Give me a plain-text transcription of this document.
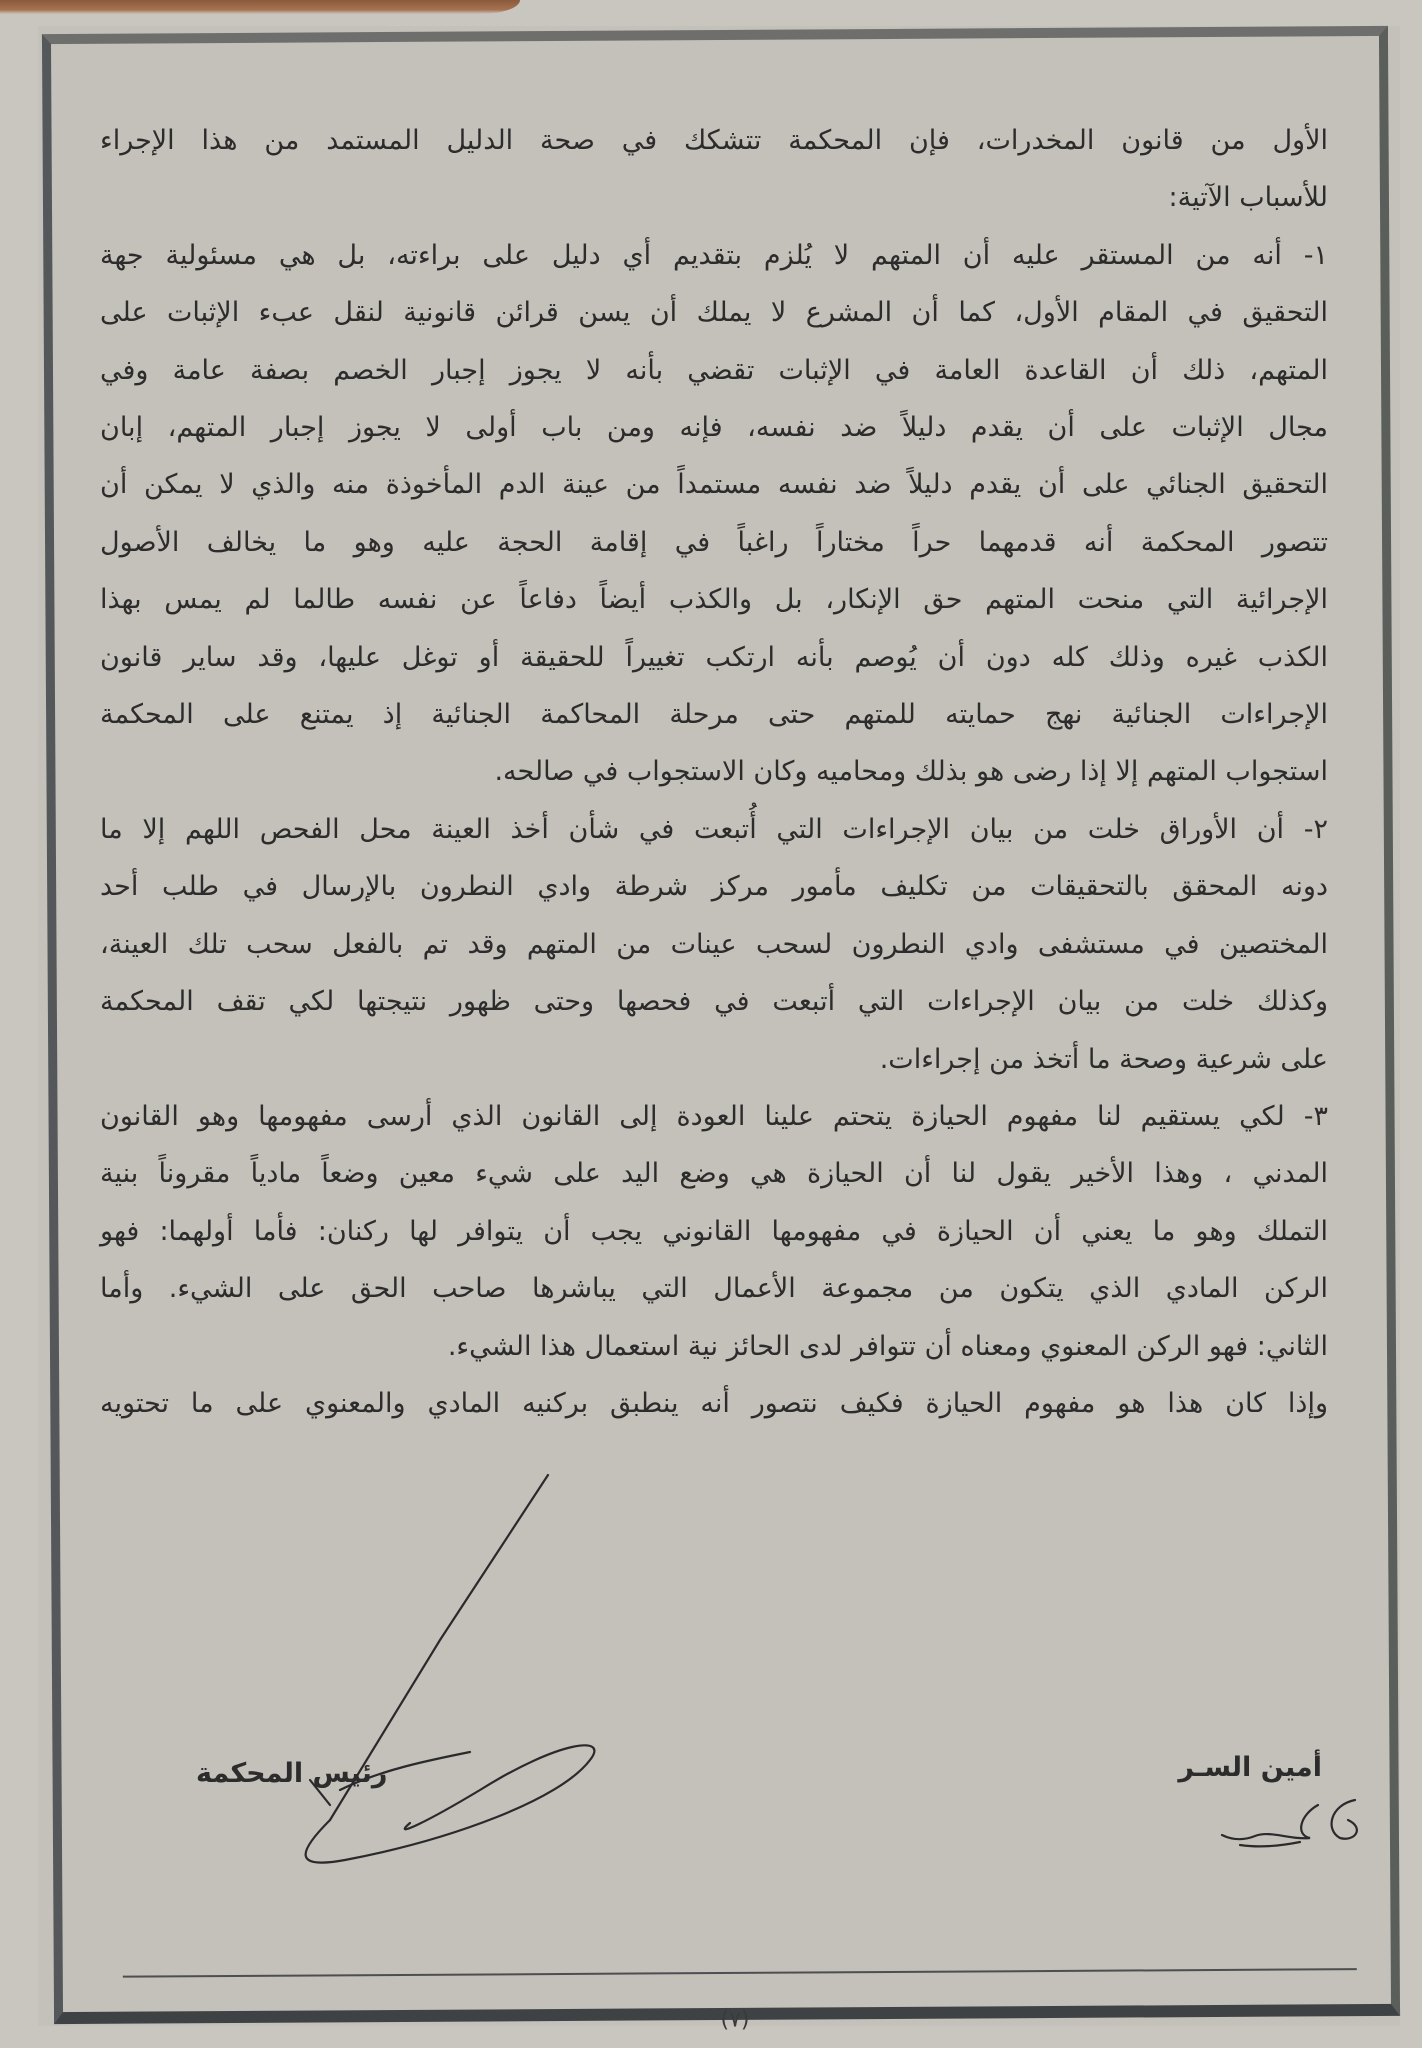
الأول من قانون المخدرات، فإن المحكمة تتشكك في صحة الدليل المستمد من هذا الإجراء
للأسباب الآتية:
١- أنه من المستقر عليه أن المتهم لا يُلزم بتقديم أي دليل على براءته، بل هي مسئولية جهة
التحقيق في المقام الأول، كما أن المشرع لا يملك أن يسن قرائن قانونية لنقل عبء الإثبات على
المتهم، ذلك أن القاعدة العامة في الإثبات تقضي بأنه لا يجوز إجبار الخصم بصفة عامة وفي
مجال الإثبات على أن يقدم دليلاً ضد نفسه، فإنه ومن باب أولى لا يجوز إجبار المتهم، إبان
التحقيق الجنائي على أن يقدم دليلاً ضد نفسه مستمداً من عينة الدم المأخوذة منه والذي لا يمكن أن
تتصور المحكمة أنه قدمهما حراً مختاراً راغباً في إقامة الحجة عليه وهو ما يخالف الأصول
الإجرائية التي منحت المتهم حق الإنكار، بل والكذب أيضاً دفاعاً عن نفسه طالما لم يمس بهذا
الكذب غيره وذلك كله دون أن يُوصم بأنه ارتكب تغييراً للحقيقة أو توغل عليها، وقد ساير قانون
الإجراءات الجنائية نهج حمايته للمتهم حتى مرحلة المحاكمة الجنائية إذ يمتنع على المحكمة
استجواب المتهم إلا إذا رضى هو بذلك ومحاميه وكان الاستجواب في صالحه.
٢- أن الأوراق خلت من بيان الإجراءات التي أُتبعت في شأن أخذ العينة محل الفحص اللهم إلا ما
دونه المحقق بالتحقيقات من تكليف مأمور مركز شرطة وادي النطرون بالإرسال في طلب أحد
المختصين في مستشفى وادي النطرون لسحب عينات من المتهم وقد تم بالفعل سحب تلك العينة،
وكذلك خلت من بيان الإجراءات التي أتبعت في فحصها وحتى ظهور نتيجتها لكي تقف المحكمة
على شرعية وصحة ما أتخذ من إجراءات.
٣- لكي يستقيم لنا مفهوم الحيازة يتحتم علينا العودة إلى القانون الذي أرسى مفهومها وهو القانون
المدني ، وهذا الأخير يقول لنا أن الحيازة هي وضع اليد على شيء معين وضعاً مادياً مقروناً بنية
التملك وهو ما يعني أن الحيازة في مفهومها القانوني يجب أن يتوافر لها ركنان: فأما أولهما: فهو
الركن المادي الذي يتكون من مجموعة الأعمال التي يباشرها صاحب الحق على الشيء. وأما
الثاني: فهو الركن المعنوي ومعناه أن تتوافر لدى الحائز نية استعمال هذا الشيء.
وإذا كان هذا هو مفهوم الحيازة فكيف نتصور أنه ينطبق بركنيه المادي والمعنوي على ما تحتويه
أمين السـر
رئيس المحكمة
(٧)
